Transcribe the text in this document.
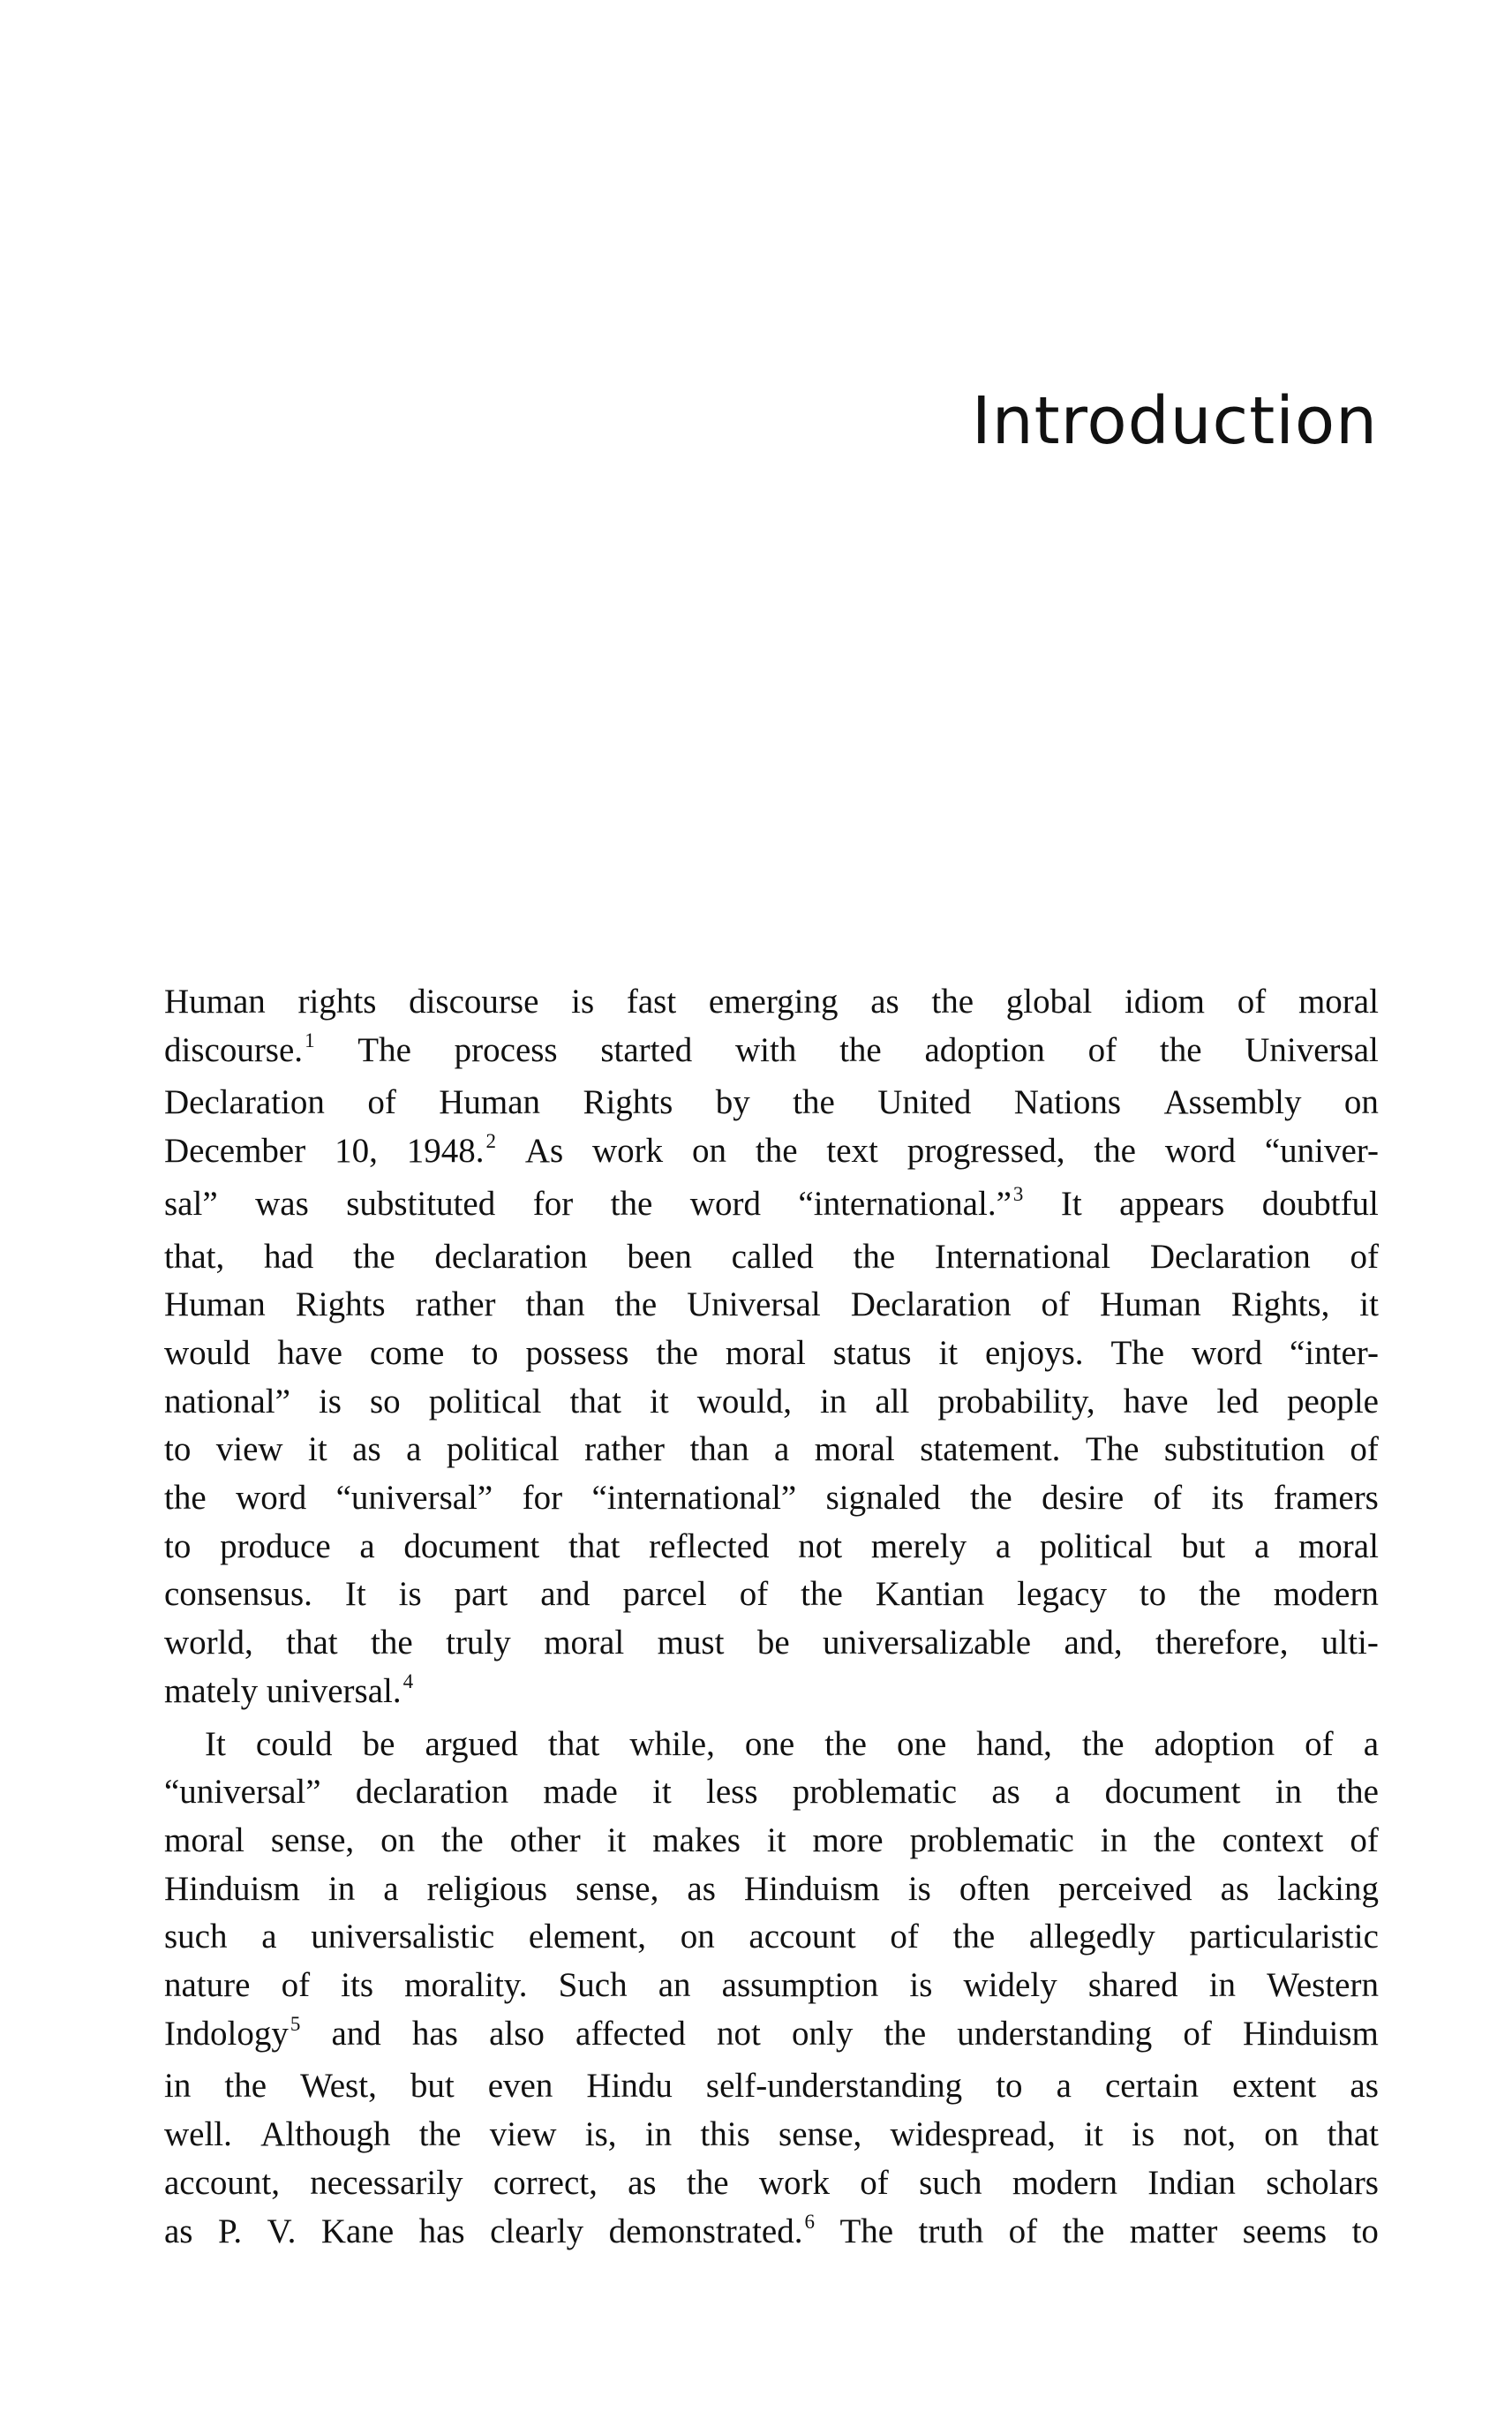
Introduction
Human rights discourse is fast emerging as the global idiom of moral
discourse.1 The process started with the adoption of the Universal
Declaration of Human Rights by the United Nations Assembly on
December 10, 1948.2 As work on the text progressed, the word “univer-
sal” was substituted for the word “international.”3 It appears doubtful
that, had the declaration been called the International Declaration of
Human Rights rather than the Universal Declaration of Human Rights, it
would have come to possess the moral status it enjoys. The word “inter-
national” is so political that it would, in all probability, have led people
to view it as a political rather than a moral statement. The substitution of
the word “universal” for “international” signaled the desire of its framers
to produce a document that reflected not merely a political but a moral
consensus. It is part and parcel of the Kantian legacy to the modern
world, that the truly moral must be universalizable and, therefore, ulti-
mately
universal.4

It could be argued that while, one the one hand, the adoption of a
“universal” declaration made it less problematic as a document in the
moral sense, on the other it makes it more problematic in the context of
Hinduism in a religious sense, as Hinduism is often perceived as lacking
such a universalistic element, on account of the allegedly particularistic
nature of its morality. Such an assumption is widely shared in Western
Indology5 and has also affected not only the understanding of Hinduism
in the West, but even Hindu self-understanding to a certain extent as
well. Although the view is, in this sense, widespread, it is not, on that
account, necessarily correct, as the work of such modern Indian scholars
as P. V. Kane has clearly demonstrated.6 The truth of the matter seems to
